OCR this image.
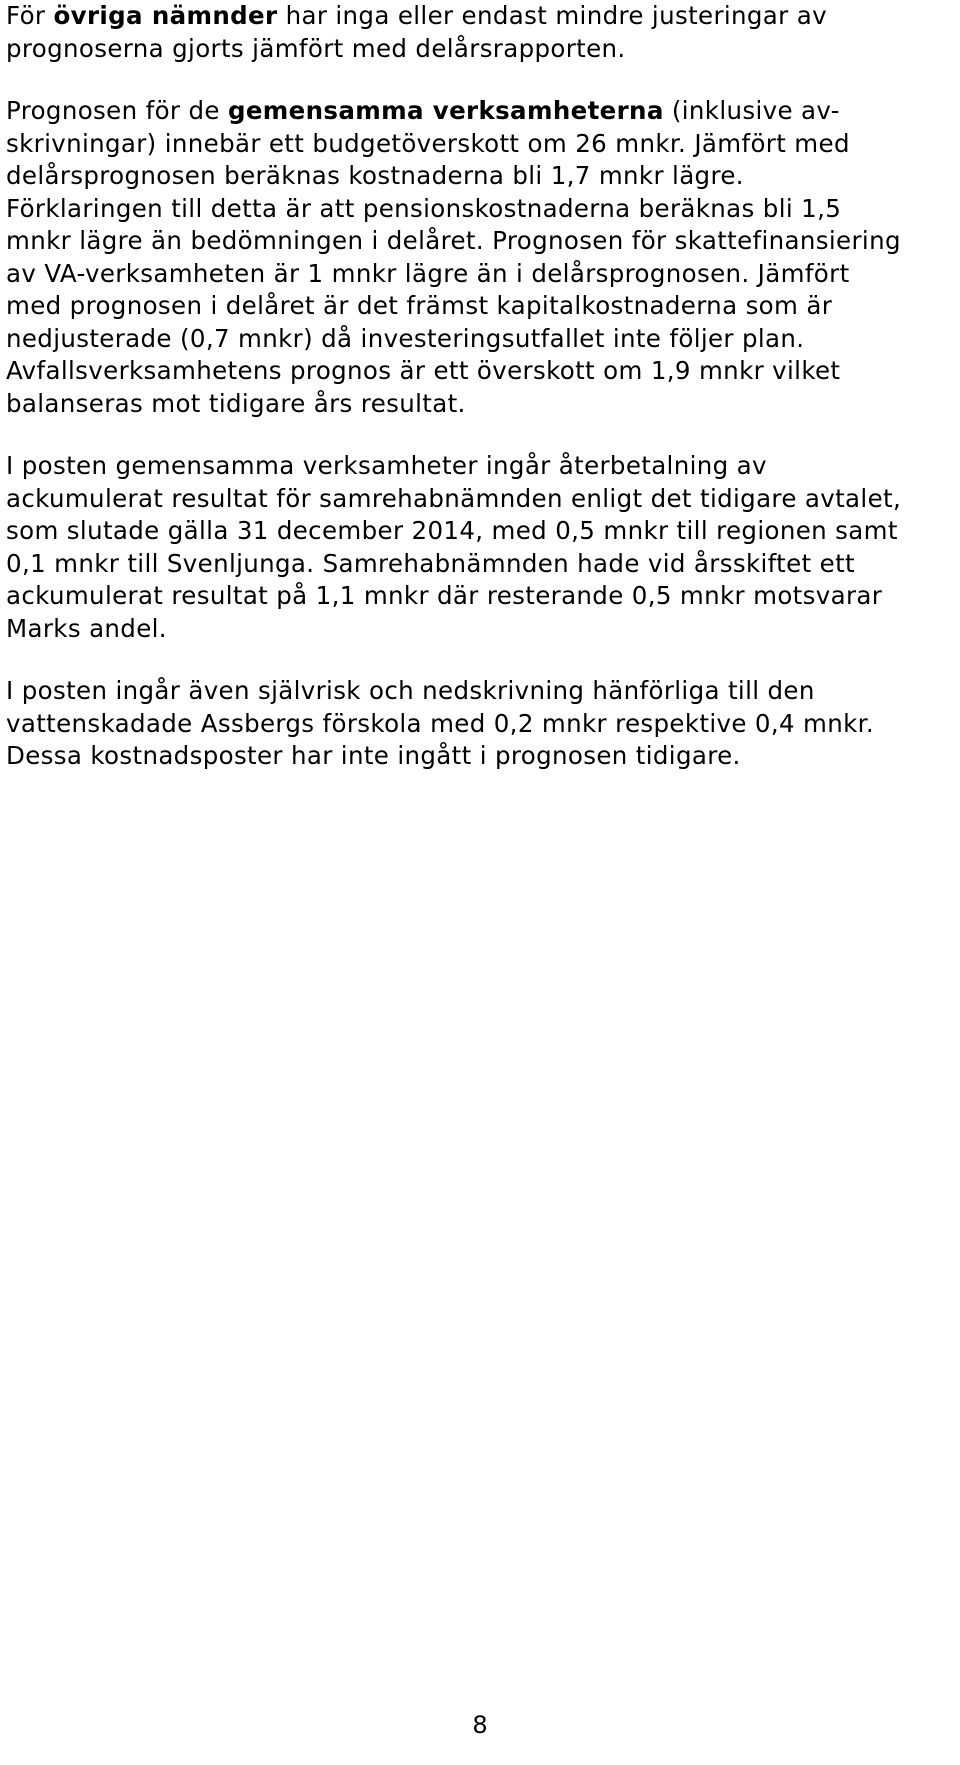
För övriga nämnder har inga eller endast mindre justeringar av
prognoserna gjorts jämfört med delårsrapporten.

Prognosen för de gemensamma verksamheterna (inklusive av-
skrivningar) innebär ett budgetöverskott om 26 mnkr. Jämfört med
delårsprognosen beräknas kostnaderna bli 1,7 mnkr lägre.
Förklaringen till detta är att pensionskostnaderna beräknas bli 1,5
mnkr lägre än bedömningen i delåret. Prognosen för skattefinansiering
av VA-verksamheten är 1 mnkr lägre än i delårsprognosen. Jämfört
med prognosen i delåret är det främst kapitalkostnaderna som är
nedjusterade (0,7 mnkr) då investeringsutfallet inte följer plan.
Avfallsverksamhetens prognos är ett överskott om 1,9 mnkr vilket
balanseras mot tidigare års resultat.

I posten gemensamma verksamheter ingår återbetalning av
ackumulerat resultat för samrehabnämnden enligt det tidigare avtalet,
som slutade gälla 31 december 2014, med 0,5 mnkr till regionen samt
0,1 mnkr till Svenljunga. Samrehabnämnden hade vid årsskiftet ett
ackumulerat resultat på 1,1 mnkr där resterande 0,5 mnkr motsvarar
Marks andel.

I posten ingår även självrisk och nedskrivning hänförliga till den
vattenskadade Assbergs förskola med 0,2 mnkr respektive 0,4 mnkr.
Dessa kostnadsposter har inte ingått i prognosen tidigare.

8
